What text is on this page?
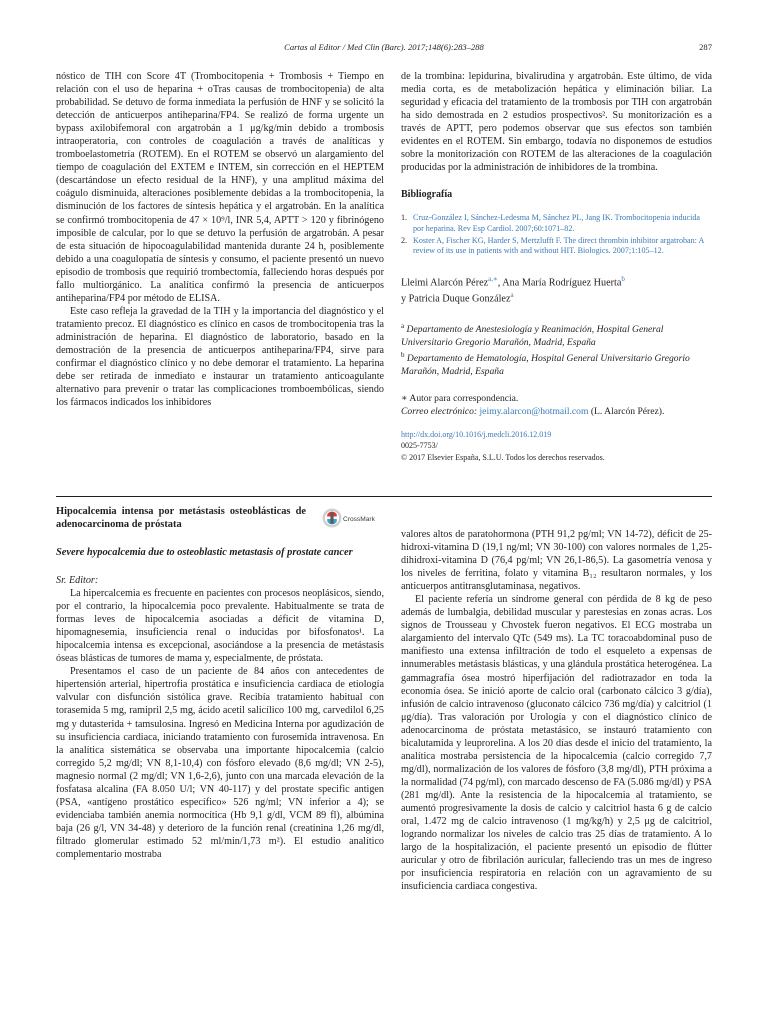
Cartas al Editor / Med Clin (Barc). 2017;148(6):283–288	287

nóstico de TIH con Score 4T (Trombocitopenia + Trombosis + Tiempo en relación con el uso de heparina + oTras causas de trombocitopenia) de alta probabilidad. Se detuvo de forma inmediata la perfusión de HNF y se solicitó la detección de anticuerpos antiheparina/FP4. Se realizó de forma urgente un bypass axilobifemoral con argatrobán a 1 μg/kg/min debido a trombosis intraoperatoria, con controles de coagulación a través de analíticas y tromboelastometría (ROTEM). En el ROTEM se observó un alargamiento del tiempo de coagulación del EXTEM e INTEM, sin corrección en el HEPTEM (descartándose un efecto residual de la HNF), y una amplitud máxima del coágulo disminuida, alteraciones posiblemente debidas a la trombocitopenia, la disminución de los factores de síntesis hepática y el argatrobán. En la analítica se confirmó trombocitopenia de 47 × 10⁹/l, INR 5,4, APTT > 120 y fibrinógeno imposible de calcular, por lo que se detuvo la perfusión de argatrobán. A pesar de esta situación de hipocoagulabilidad mantenida durante 24 h, posiblemente debido a una coagulopatía de síntesis y consumo, el paciente presentó un nuevo episodio de trombosis que requirió trombectomía, falleciendo horas después por fallo multiorgánico. La analítica confirmó la presencia de anticuerpos antiheparina/FP4 por método de ELISA.

Este caso refleja la gravedad de la TIH y la importancia del diagnóstico y el tratamiento precoz. El diagnóstico es clínico en casos de trombocitopenia tras la administración de heparina. El diagnóstico de laboratorio, basado en la demostración de la presencia de anticuerpos antiheparina/FP4, sirve para confirmar el diagnóstico clínico y no debe demorar el tratamiento. La heparina debe ser retirada de inmediato e instaurar un tratamiento anticoagulante alternativo para prevenir o tratar las complicaciones tromboembólicas, siendo los fármacos indicados los inhibidores

de la trombina: lepidurina, bivalirudina y argatrobán. Este último, de vida media corta, es de metabolización hepática y eliminación biliar. La seguridad y eficacia del tratamiento de la trombosis por TIH con argatrobán ha sido demostrada en 2 estudios prospectivos². Su monitorización es a través de APTT, pero podemos observar que sus efectos son también evidentes en el ROTEM. Sin embargo, todavía no disponemos de estudios sobre la monitorización con ROTEM de las alteraciones de la coagulación producidas por la administración de inhibidores de la trombina.

Bibliografía
1. Cruz-González I, Sánchez-Ledesma M, Sánchez PL, Jang IK. Trombocitopenia inducida por heparina. Rev Esp Cardiol. 2007;60:1071–82.
2. Koster A, Fischer KG, Harder S, Mertzlufft F. The direct thrombin inhibitor argatroban: A review of its use in patients with and without HIT. Biologics. 2007;1:105–12.
Lleimi Alarcón Pérez$^{a,∗}$, Ana María Rodríguez Huerta$^b$
y Patricia Duque González$^a$
$^a$ Departamento de Anestesiología y Reanimación, Hospital General Universitario Gregorio Marañón, Madrid, España
$^b$ Departamento de Hematología, Hospital General Universitario Gregorio Marañón, Madrid, España
∗ Autor para correspondencia.
Correo electrónico: jeimy.alarcon@hotmail.com (L. Alarcón Pérez).
http://dx.doi.org/10.1016/j.medcli.2016.12.019
0025-7753/
© 2017 Elsevier España, S.L.U. Todos los derechos reservados.
Hipocalcemia intensa por metástasis osteoblásticas de adenocarcinoma de próstata	CrossMark
Severe hypocalcemia due to osteoblastic metastasis of prostate cancer
Sr. Editor:

La hipercalcemia es frecuente en pacientes con procesos neoplásicos, siendo, por el contrario, la hipocalcemia poco prevalente. Habitualmente se trata de formas leves de hipocalcemia asociadas a déficit de vitamina D, hipomagnesemia, insuficiencia renal o inducidas por bifosfonatos¹. La hipocalcemia intensa es excepcional, asociándose a la presencia de metástasis óseas blásticas de tumores de mama y, especialmente, de próstata.

Presentamos el caso de un paciente de 84 años con antecedentes de hipertensión arterial, hipertrofia prostática e insuficiencia cardiaca de etiología valvular con disfunción sistólica grave. Recibía tratamiento habitual con torasemida 5 mg, ramipril 2,5 mg, ácido acetil salicílico 100 mg, carvedilol 6,25 mg y dutasterida + tamsulosina. Ingresó en Medicina Interna por agudización de su insuficiencia cardiaca, iniciando tratamiento con furosemida intravenosa. En la analítica sistemática se observaba una importante hipocalcemia (calcio corregido 5,2 mg/dl; VN 8,1-10,4) con fósforo elevado (8,6 mg/dl; VN 2-5), magnesio normal (2 mg/dl; VN 1,6-2,6), junto con una marcada elevación de la fosfatasa alcalina (FA 8.050 U/l; VN 40-117) y del prostate specific antigen (PSA, «antígeno prostático específico» 526 ng/ml; VN inferior a 4); se evidenciaba también anemia normocítica (Hb 9,1 g/dl, VCM 89 fl), albúmina baja (26 g/l, VN 34-48) y deterioro de la función renal (creatinina 1,26 mg/dl, filtrado glomerular estimado 52 ml/min/1,73 m²). El estudio analítico complementario mostraba

valores altos de paratohormona (PTH 91,2 pg/ml; VN 14-72), déficit de 25-hidroxi-vitamina D (19,1 ng/ml; VN 30-100) con valores normales de 1,25-dihidroxi-vitamina D (76,4 pg/ml; VN 26,1-86,5). La gasometría venosa y los niveles de ferritina, folato y vitamina B₁₂ resultaron normales, y los anticuerpos antitransglutaminasa, negativos.

El paciente refería un síndrome general con pérdida de 8 kg de peso además de lumbalgia, debilidad muscular y parestesias en zonas acras. Los signos de Trousseau y Chvostek fueron negativos. El ECG mostraba un alargamiento del intervalo QTc (549 ms). La TC toracoabdominal puso de manifiesto una extensa infiltración de todo el esqueleto a expensas de innumerables metástasis blásticas, y una glándula prostática heterogénea. La gammagrafía ósea mostró hiperfijación del radiotrazador en toda la economía ósea. Se inició aporte de calcio oral (carbonato cálcico 3 g/día), infusión de calcio intravenoso (gluconato cálcico 736 mg/día) y calcitriol (1 μg/día). Tras valoración por Urología y con el diagnóstico clínico de adenocarcinoma de próstata metastásico, se instauró tratamiento con bicalutamida y leuprorelina. A los 20 días desde el inicio del tratamiento, la analítica mostraba persistencia de la hipocalcemia (calcio corregido 7,7 mg/dl), normalización de los valores de fósforo (3,8 mg/dl), PTH próxima a la normalidad (74 pg/ml), con marcado descenso de FA (5.086 mg/dl) y PSA (281 mg/dl). Ante la resistencia de la hipocalcemia al tratamiento, se aumentó progresivamente la dosis de calcio y calcitriol hasta 6 g de calcio oral, 1.472 mg de calcio intravenoso (1 mg/kg/h) y 2,5 μg de calcitriol, logrando normalizar los niveles de calcio tras 25 días de tratamiento. A lo largo de la hospitalización, el paciente presentó un episodio de flútter auricular y otro de fibrilación auricular, falleciendo tras un mes de ingreso por insuficiencia respiratoria en relación con un agravamiento de su insuficiencia cardiaca congestiva.
